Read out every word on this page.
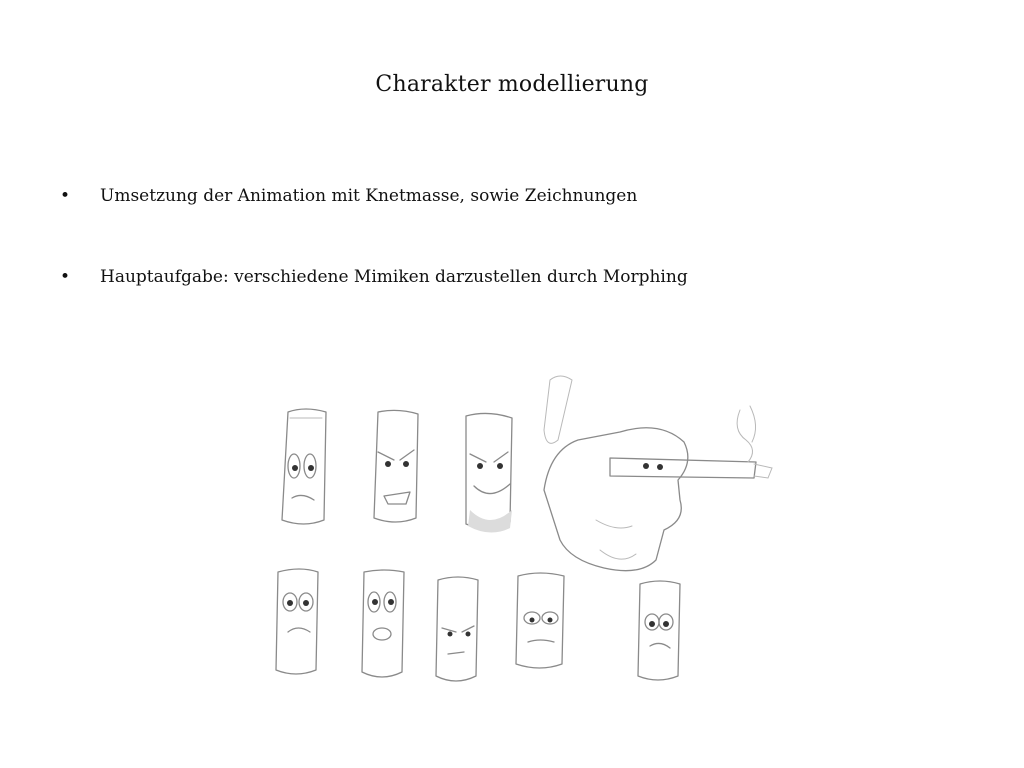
Charakter modellierung
• Umsetzung der Animation mit Knetmasse, sowie Zeichnungen
• Hauptaufgabe: verschiedene Mimiken darzustellen durch Morphing
